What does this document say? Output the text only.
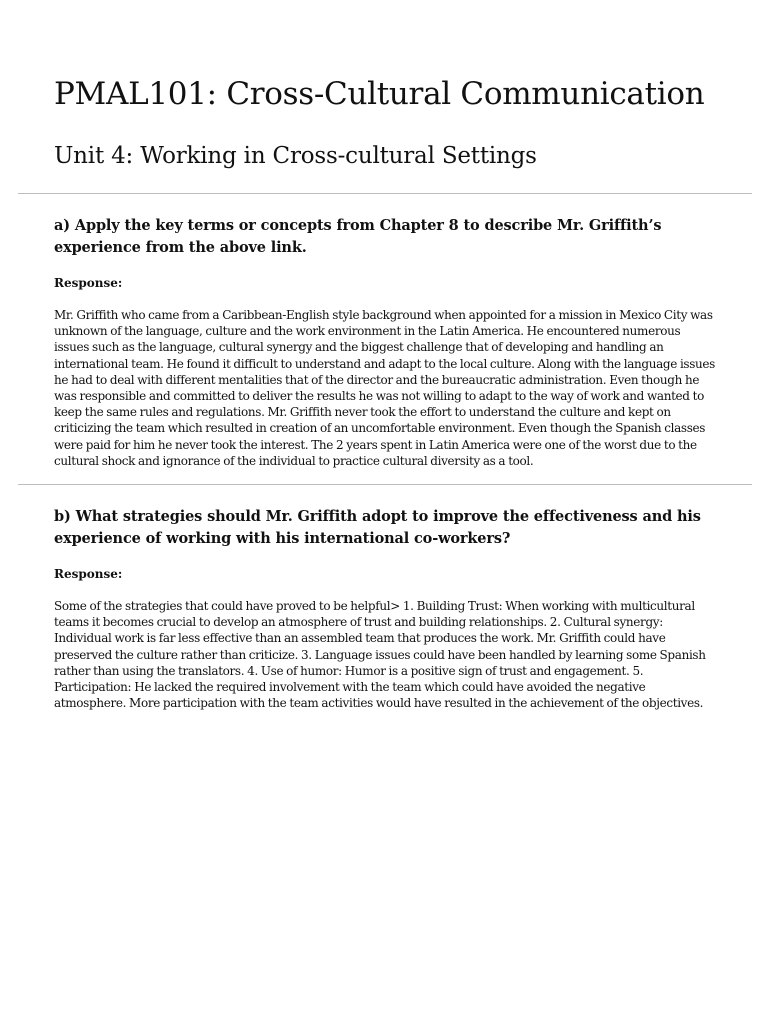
PMAL101: Cross-Cultural Communication
Unit 4: Working in Cross-cultural Settings

a) Apply the key terms or concepts from Chapter 8 to describe Mr. Griffith’s experience from the above link.

Response:

Mr. Griffith who came from a Caribbean-English style background when appointed for a mission in Mexico City was unknown of the language, culture and the work environment in the Latin America. He encountered numerous issues such as the language, cultural synergy and the biggest challenge that of developing and handling an international team. He found it difficult to understand and adapt to the local culture. Along with the language issues he had to deal with different mentalities that of the director and the bureaucratic administration. Even though he was responsible and committed to deliver the results he was not willing to adapt to the way of work and wanted to keep the same rules and regulations. Mr. Griffith never took the effort to understand the culture and kept on criticizing the team which resulted in creation of an uncomfortable environment. Even though the Spanish classes were paid for him he never took the interest. The 2 years spent in Latin America were one of the worst due to the cultural shock and ignorance of the individual to practice cultural diversity as a tool.

b) What strategies should Mr. Griffith adopt to improve the effectiveness and his experience of working with his international co-workers?

Response:

Some of the strategies that could have proved to be helpful> 1. Building Trust: When working with multicultural teams it becomes crucial to develop an atmosphere of trust and building relationships. 2. Cultural synergy: Individual work is far less effective than an assembled team that produces the work. Mr. Griffith could have preserved the culture rather than criticize. 3. Language issues could have been handled by learning some Spanish rather than using the translators. 4. Use of humor: Humor is a positive sign of trust and engagement. 5. Participation: He lacked the required involvement with the team which could have avoided the negative atmosphere. More participation with the team activities would have resulted in the achievement of the objectives.
